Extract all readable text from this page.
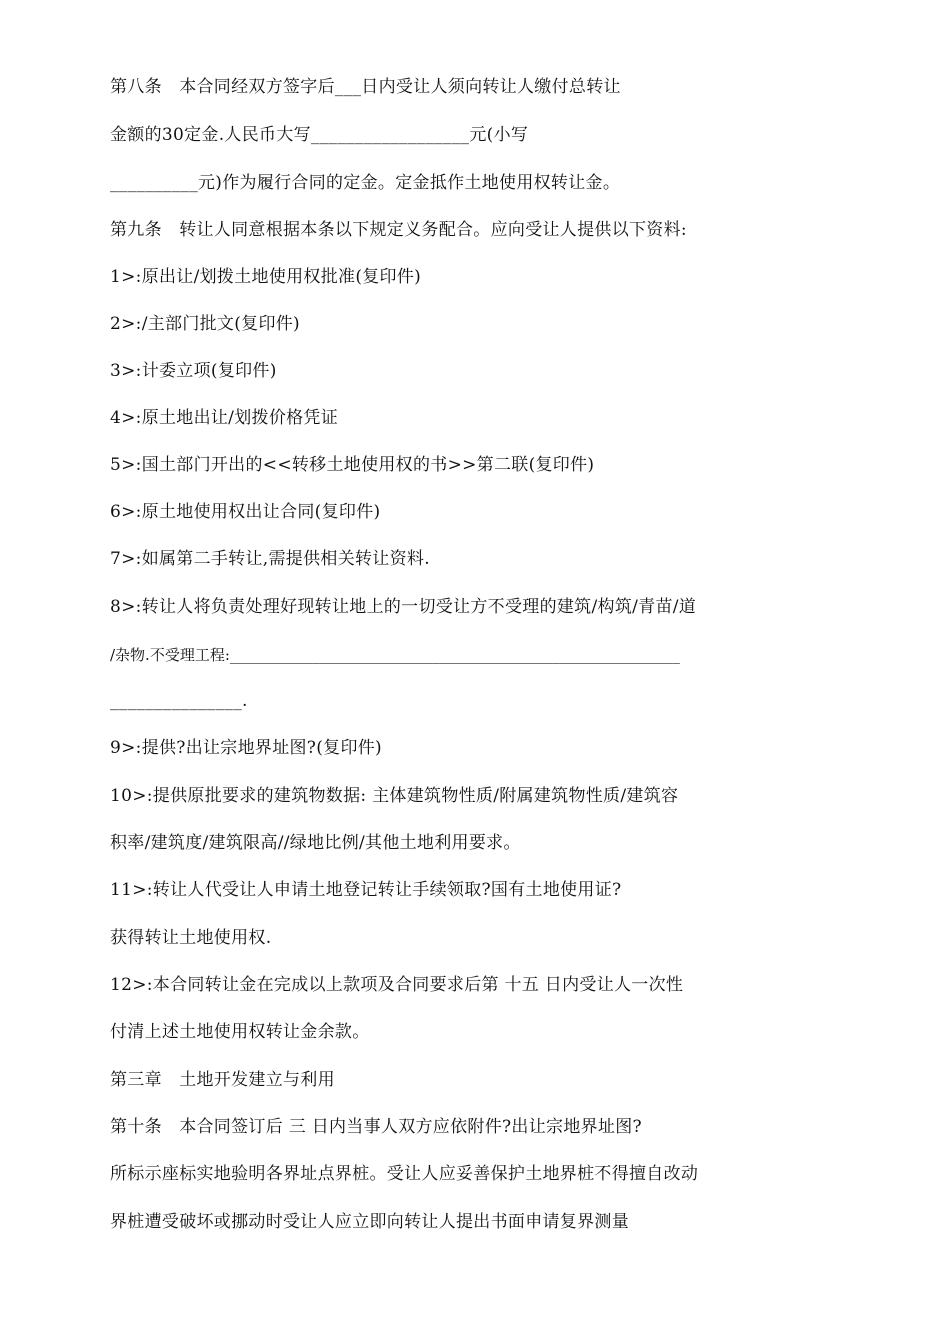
第八条　本合同经双方签字后___日内受让人须向转让人缴付总转让
金额的30定金.人民币大写__________________元(小写
__________元)作为履行合同的定金。定金抵作土地使用权转让金。
第九条　转让人同意根据本条以下规定义务配合。应向受让人提供以下资料:
1>:原出让/划拨土地使用权批准(复印件)
2>:/主部门批文(复印件)
3>:计委立项(复印件)
4>:原土地出让/划拨价格凭证
5>:国土部门开出的<<转移土地使用权的书>>第二联(复印件)
6>:原土地使用权出让合同(复印件)
7>:如属第二手转让,需提供相关转让资料.
8>:转让人将负责处理好现转让地上的一切受让方不受理的建筑/构筑/青苗/道
/杂物.不受理工程:____________________________________________________________
_______________.
9>:提供?出让宗地界址图?(复印件)
10>:提供原批要求的建筑物数据: 主体建筑物性质/附属建筑物性质/建筑容
积率/建筑度/建筑限高//绿地比例/其他土地利用要求。
11>:转让人代受让人申请土地登记转让手续领取?国有土地使用证?
获得转让土地使用权.
12>:本合同转让金在完成以上款项及合同要求后第 十五 日内受让人一次性
付清上述土地使用权转让金余款。
第三章　土地开发建立与利用
第十条　本合同签订后 三 日内当事人双方应依附件?出让宗地界址图?
所标示座标实地验明各界址点界桩。受让人应妥善保护土地界桩不得擅自改动
界桩遭受破坏或挪动时受让人应立即向转让人提出书面申请复界测量
